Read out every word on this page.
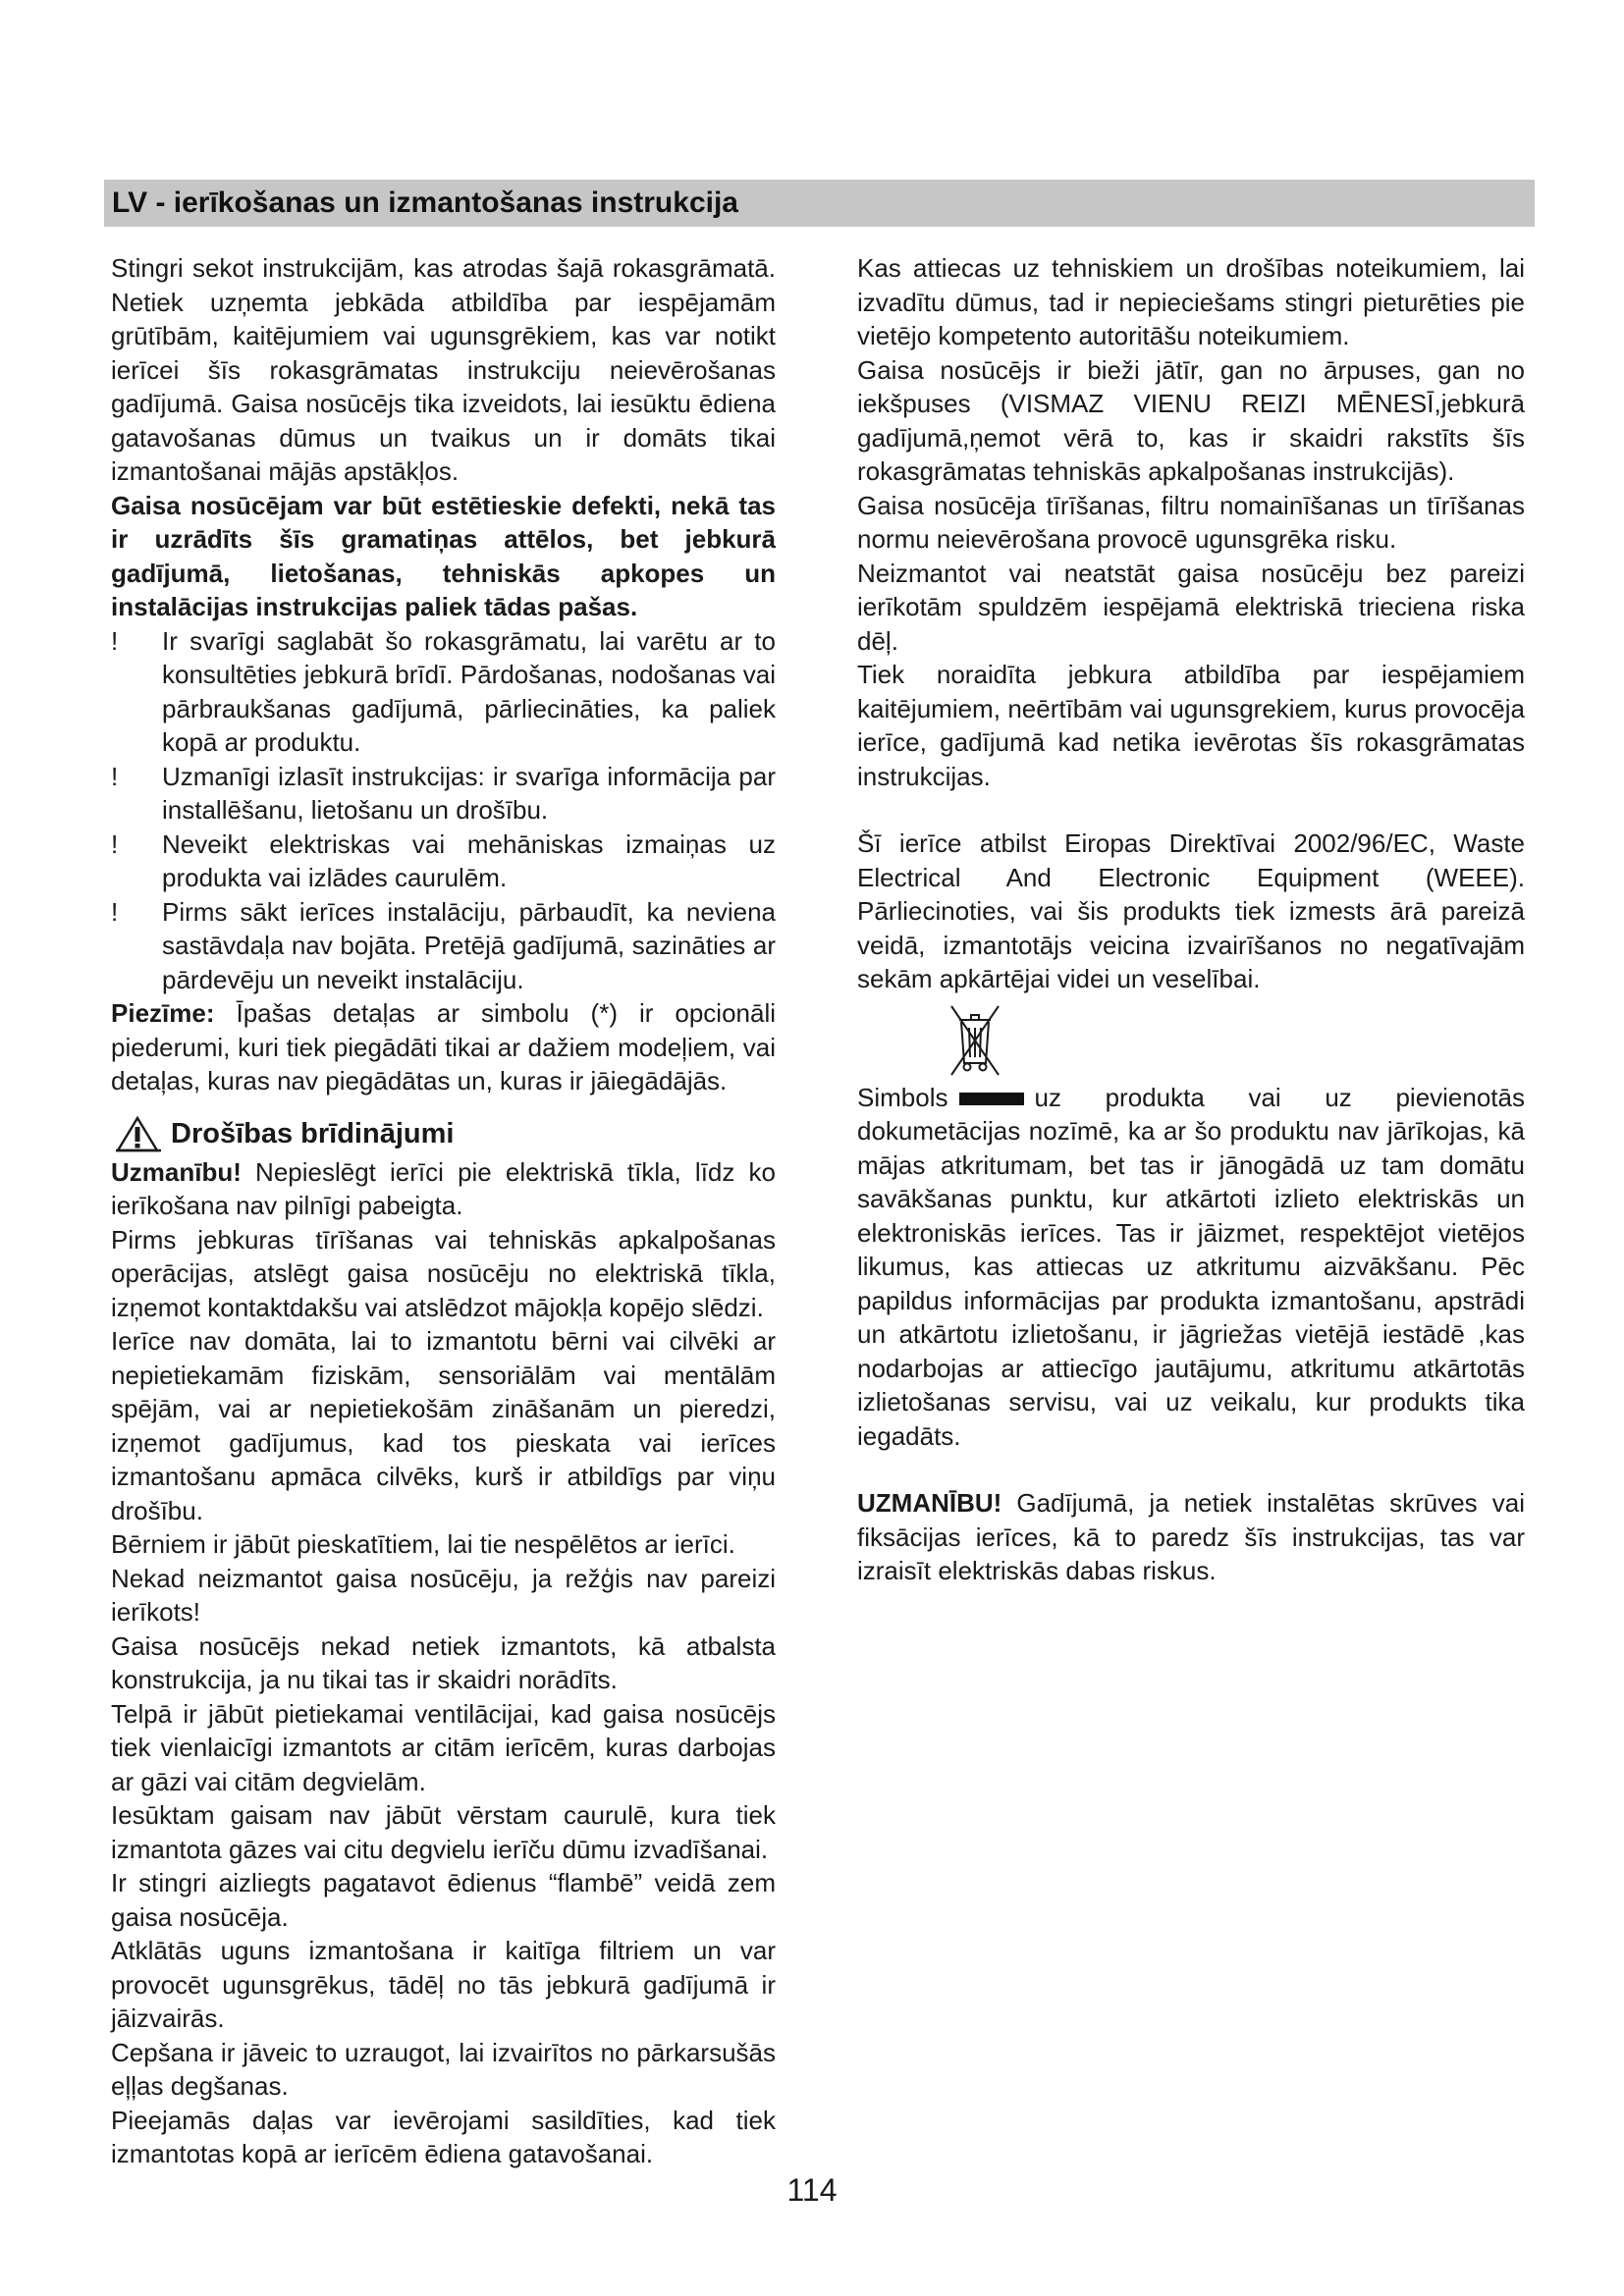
LV - ierīkošanas un izmantošanas instrukcija

Stingri sekot instrukcijām, kas atrodas šajā rokasgrāmatā. Netiek uzņemta jebkāda atbildība par iespējamām grūtībām, kaitējumiem vai ugunsgrēkiem, kas var notikt ierīcei šīs rokasgrāmatas instrukciju neievērošanas gadījumā. Gaisa nosūcējs tika izveidots, lai iesūktu ēdiena gatavošanas dūmus un tvaikus un ir domāts tikai izmantošanai mājās apstākļos.

Gaisa nosūcējam var būt estētieskie defekti, nekā tas ir uzrādīts šīs gramatiņas attēlos, bet jebkurā gadījumā, lietošanas, tehniskās apkopes un instalācijas instrukcijas paliek tādas pašas.

!	Ir svarīgi saglabāt šo rokasgrāmatu, lai varētu ar to konsultēties jebkurā brīdī. Pārdošanas, nodošanas vai pārbraukšanas gadījumā, pārliecināties, ka paliek kopā ar produktu.
!	Uzmanīgi izlasīt instrukcijas: ir svarīga informācija par installēšanu, lietošanu un drošību.
!	Neveikt elektriskas vai mehāniskas izmaiņas uz produkta vai izlādes caurulēm.
!	Pirms sākt ierīces instalāciju, pārbaudīt, ka neviena sastāvdaļa nav bojāta. Pretējā gadījumā, sazināties ar pārdevēju un neveikt instalāciju.

Piezīme: Īpašas detaļas ar simbolu (*) ir opcionāli piederumi, kuri tiek piegādāti tikai ar dažiem modeļiem, vai detaļas, kuras nav piegādātas un, kuras ir jāiegādājās.

Drošības brīdinājumi

Uzmanību! Nepieslēgt ierīci pie elektriskā tīkla, līdz ko ierīkošana nav pilnīgi pabeigta.

Pirms jebkuras tīrīšanas vai tehniskās apkalpošanas operācijas, atslēgt gaisa nosūcēju no elektriskā tīkla, izņemot kontaktdakšu vai atslēdzot mājokļa kopējo slēdzi.

Ierīce nav domāta, lai to izmantotu bērni vai cilvēki ar nepietiekamām fiziskām, sensoriālām vai mentālām spējām, vai ar nepietiekošām zināšanām un pieredzi, izņemot gadījumus, kad tos pieskata vai ierīces izmantošanu apmāca cilvēks, kurš ir atbildīgs par viņu drošību.

Bērniem ir jābūt pieskatītiem, lai tie nespēlētos ar ierīci.

Nekad neizmantot gaisa nosūcēju, ja režģis nav pareizi ierīkots!

Gaisa nosūcējs nekad netiek izmantots, kā atbalsta konstrukcija, ja nu tikai tas ir skaidri norādīts.

Telpā ir jābūt pietiekamai ventilācijai, kad gaisa nosūcējs tiek vienlaicīgi izmantots ar citām ierīcēm, kuras darbojas ar gāzi vai citām degvielām.

Iesūktam gaisam nav jābūt vērstam caurulē, kura tiek izmantota gāzes vai citu degvielu ierīču dūmu izvadīšanai.

Ir stingri aizliegts pagatavot ēdienus “flambē” veidā zem gaisa nosūcēja.

Atklātās uguns izmantošana ir kaitīga filtriem un var provocēt ugunsgrēkus, tādēļ no tās jebkurā gadījumā ir jāizvairās.

Cepšana ir jāveic to uzraugot, lai izvairītos no pārkarsušās eļļas degšanas.

Pieejamās daļas var ievērojami sasildīties, kad tiek izmantotas kopā ar ierīcēm ēdiena gatavošanai.

Kas attiecas uz tehniskiem un drošības noteikumiem, lai izvadītu dūmus, tad ir nepieciešams stingri pieturēties pie vietējo kompetento autoritāšu noteikumiem.

Gaisa nosūcējs ir bieži jātīr, gan no ārpuses, gan no iekšpuses (VISMAZ VIENU REIZI MĒNESĪ,jebkurā gadījumā,ņemot vērā to, kas ir skaidri rakstīts šīs rokasgrāmatas tehniskās apkalpošanas instrukcijās).

Gaisa nosūcēja tīrīšanas, filtru nomainīšanas un tīrīšanas normu neievērošana provocē ugunsgrēka risku.

Neizmantot vai neatstāt gaisa nosūcēju bez pareizi ierīkotām spuldzēm iespējamā elektriskā trieciena riska dēļ.

Tiek noraidīta jebkura atbildība par iespējamiem kaitējumiem, neērtībām vai ugunsgrekiem, kurus provocēja ierīce, gadījumā kad netika ievērotas šīs rokasgrāmatas instrukcijas.

Šī ierīce atbilst Eiropas Direktīvai 2002/96/EC, Waste Electrical And Electronic Equipment (WEEE). Pārliecinoties, vai šis produkts tiek izmests ārā pareizā veidā, izmantotājs veicina izvairīšanos no negatīvajām sekām apkārtējai videi un veselībai.

Simbols	uz produkta vai uz pievienotās dokumetācijas nozīmē, ka ar šo produktu nav jārīkojas, kā mājas atkritumam, bet tas ir jānogādā uz tam domātu savākšanas punktu, kur atkārtoti izlieto elektriskās un elektroniskās ierīces. Tas ir jāizmet, respektējot vietējos likumus, kas attiecas uz atkritumu aizvākšanu. Pēc papildus informācijas par produkta izmantošanu, apstrādi un atkārtotu izlietošanu, ir jāgriežas vietējā iestādē ,kas nodarbojas ar attiecīgo jautājumu, atkritumu atkārtotās izlietošanas servisu, vai uz veikalu, kur produkts tika iegadāts.

UZMANĪBU! Gadījumā, ja netiek instalētas skrūves vai fiksācijas ierīces, kā to paredz šīs instrukcijas, tas var izraisīt elektriskās dabas riskus.

114
